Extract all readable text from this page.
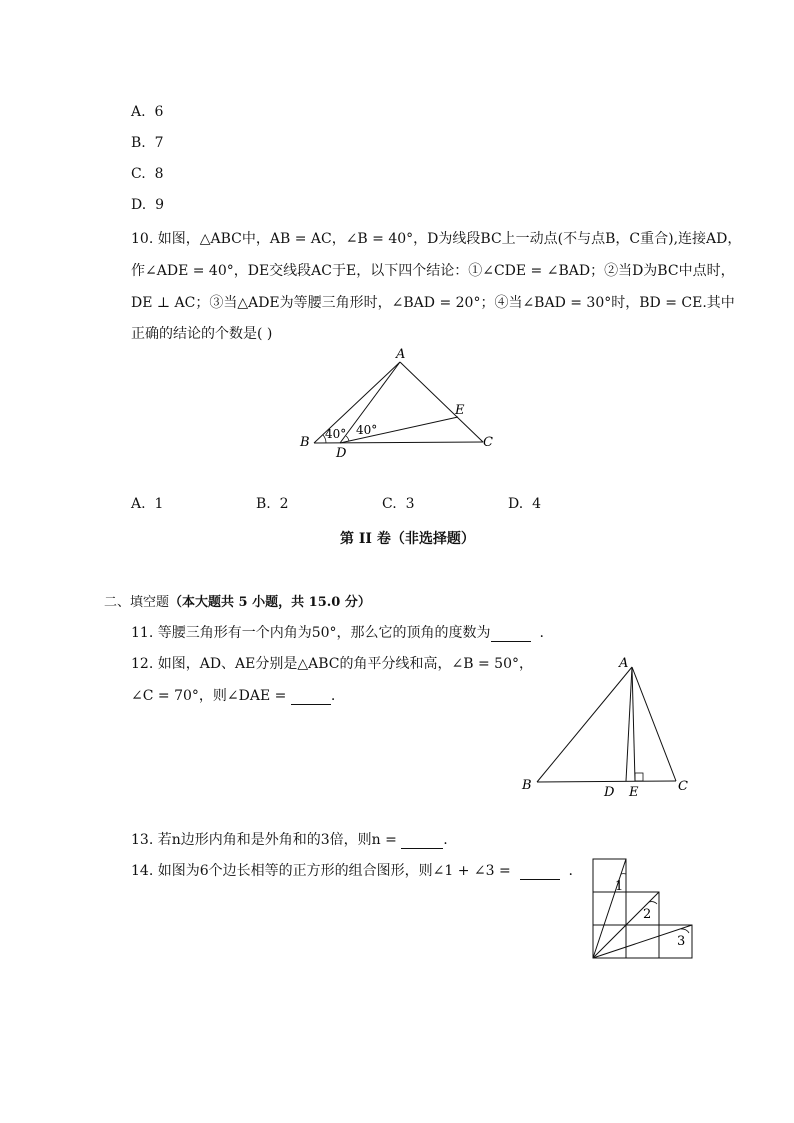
A. 6
B. 7
C. 8
D. 9
10. 如图，△ABC中，AB = AC，∠B = 40°，D为线段BC上一动点(不与点B，C重合),连接AD，
作∠ADE = 40°，DE交线段AC于E，以下四个结论：①∠CDE = ∠BAD；②当D为BC中点时，
DE ⊥ AC；③当△ADE为等腰三角形时，∠BAD = 20°；④当∠BAD = 30°时，BD = CE.其中
正确的结论的个数是( )
A
B	C
D
E
40° 40°
A. 1	B. 2	C. 3	D. 4
第 II 卷（非选择题）
二、填空题（本大题共 5 小题，共 15.0 分）
11. 等腰三角形有一个内角为50°，那么它的顶角的度数为	.
12. 如图，AD、AE分别是△ABC的角平分线和高，∠B = 50°，
∠C = 70°，则∠DAE =	.
A
B	C
D E
13. 若n边形内角和是外角和的3倍，则n =	.
14. 如图为6个边长相等的正方形的组合图形，则∠1 + ∠3 =	.
1
2
3
